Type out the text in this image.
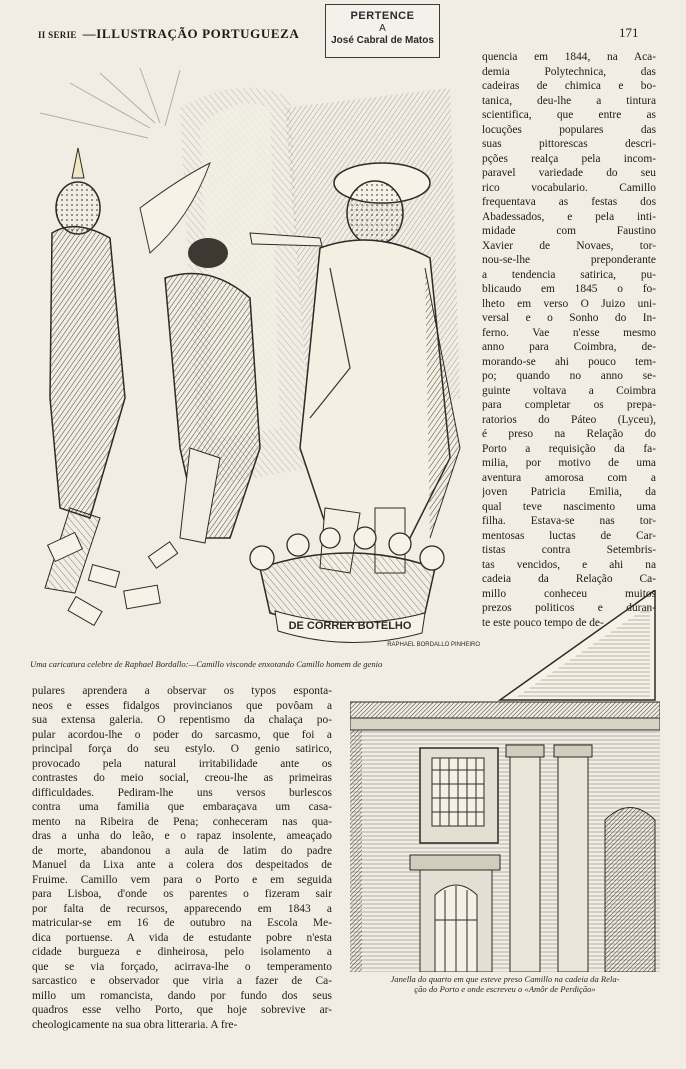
II SERIE —ILLUSTRAÇÃO PORTUGUEZA	171
PERTENCE
A
José Cabral de Matos
DE CORRER BOTELHO
RAPHAEL BORDALLO PINHEIRO
Uma caricatura celebre de Raphael Bordallo:—Camillo visconde enxotando Camillo homem de genio
Janella do quarto em que esteve preso Camillo na cadeia da Rela-
ção do Porto e onde escreveu o «Amôr de Perdição»
quencia em 1844, na Aca-
demia Polytechnica, das
cadeiras de chimica e bo-
tanica, deu-lhe a tintura
scientifica, que entre as
locuções populares das
suas pittorescas descri-
pções realça pela incom-
paravel variedade do seu
rico vocabulario. Camillo
frequentava as festas dos
Abadessados, e pela inti-
midade com Faustino
Xavier de Novaes, tor-
nou-se-lhe preponderante
a tendencia satirica, pu-
blicaudo em 1845 o fo-
lheto em verso O Juizo uni-
versal e o Sonho do In-
ferno. Vae n'esse mesmo
anno para Coimbra, de-
morando-se ahi pouco tem-
po; quando no anno se-
guinte voltava a Coimbra
para completar os prepa-
ratorios do Páteo (Lyceu),
é preso na Relação do
Porto a requisição da fa-
milia, por motivo de uma
aventura amorosa com a
joven Patricia Emilia, da
qual teve nascimento uma
filha. Estava-se nas tor-
mentosas luctas de Car-
tistas contra Setembris-
tas vencidos, e ahi na
cadeia da Relação Ca-
millo conheceu muitos
prezos politicos e duran-
te este pouco tempo de de-
pulares aprendera a observar os typos esponta-
neos e esses fidalgos provincianos que povôam a
sua extensa galeria. O repentismo da chalaça po-
pular acordou-lhe o poder do sarcasmo, que foi a
principal força do seu estylo. O genio satirico,
provocado pela natural irritabilidade ante os
contrastes do meio social, creou-lhe as primeiras
difficuldades. Pediram-lhe uns versos burlescos
contra uma familia que embaraçava um casa-
mento na Ribeira de Pena; conheceram nas qua-
dras a unha do leão, e o rapaz insolente, ameaçado
de morte, abandonou a aula de latim do padre
Manuel da Lixa ante a colera dos despeitados de
Fruime. Camillo vem para o Porto e em seguida
para Lisboa, d'onde os parentes o fizeram sair
por falta de recursos, apparecendo em 1843 a
matricular-se em 16 de outubro na Escola Me-
dica portuense. A vida de estudante pobre n'esta
cidade burgueza e dinheirosa, pelo isolamento a
que se via forçado, acirrava-lhe o temperamento
sarcastico e observador que viria a fazer de Ca-
millo um romancista, dando por fundo dos seus
quadros esse velho Porto, que hoje sobrevive ar-
cheologicamente na sua obra litteraria. A fre-
